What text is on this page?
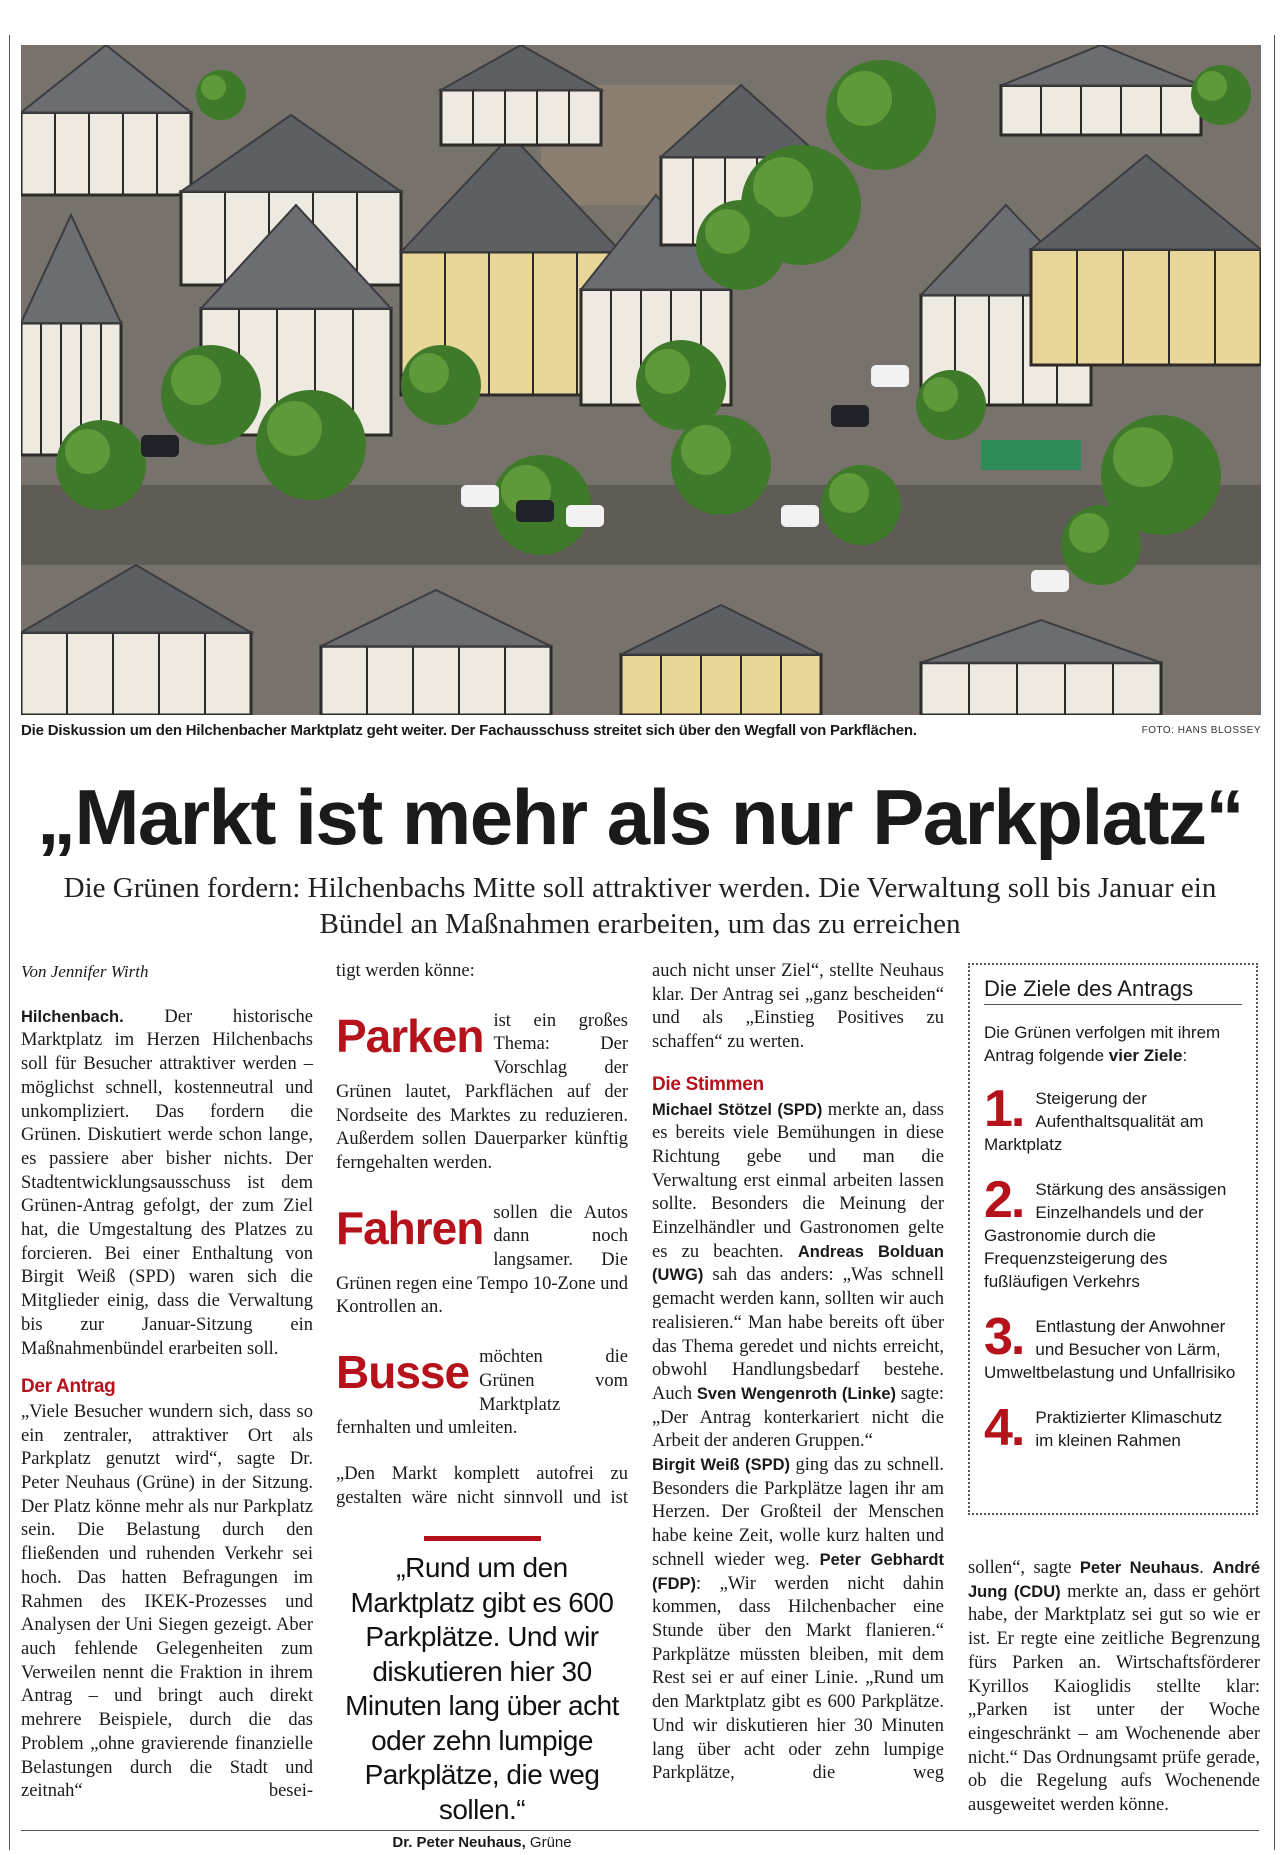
Die Diskussion um den Hilchenbacher Marktplatz geht weiter. Der Fachausschuss streitet sich über den Wegfall von Parkflächen.	FOTO: HANS BLOSSEY
„Markt ist mehr als nur Parkplatz“

Die Grünen fordern: Hilchenbachs Mitte soll attraktiver werden. Die Verwaltung soll bis Januar ein Bündel an Maßnahmen erarbeiten, um das zu erreichen

Von Jennifer Wirth

Hilchenbach. Der historische Marktplatz im Herzen Hilchenbachs soll für Besucher attraktiver werden – möglichst schnell, kostenneutral und unkompliziert. Das fordern die Grünen. Diskutiert werde schon lange, es passiere aber bisher nichts. Der Stadtentwicklungsausschuss ist dem Grünen-Antrag gefolgt, der zum Ziel hat, die Umgestaltung des Platzes zu forcieren. Bei einer Enthaltung von Birgit Weiß (SPD) waren sich die Mitglieder einig, dass die Verwaltung bis zur Januar-Sitzung ein Maßnahmenbündel erarbeiten soll.

Der Antrag

„Viele Besucher wundern sich, dass so ein zentraler, attraktiver Ort als Parkplatz genutzt wird“, sagte Dr. Peter Neuhaus (Grüne) in der Sitzung. Der Platz könne mehr als nur Parkplatz sein. Die Belastung durch den fließenden und ruhenden Verkehr sei hoch. Das hatten Befragungen im Rahmen des IKEK-Prozesses und Analysen der Uni Siegen gezeigt. Aber auch fehlende Gelegenheiten zum Verweilen nennt die Fraktion in ihrem Antrag – und bringt auch direkt mehrere Beispiele, durch die das Problem „ohne gravierende finanzielle Belastungen durch die Stadt und zeitnah“ besei-

tigt werden könne:

Parken ist ein großes Thema: Der Vorschlag der Grünen lautet, Parkflächen auf der Nordseite des Marktes zu reduzieren. Außerdem sollen Dauerparker künftig ferngehalten werden.

Fahren sollen die Autos dann noch langsamer. Die Grünen regen eine Tempo 10-Zone und Kontrollen an.

Busse möchten die Grünen vom Marktplatz fernhalten und umleiten.

„Den Markt komplett autofrei zu gestalten wäre nicht sinnvoll und ist

„Rund um den Marktplatz gibt es 600 Parkplätze. Und wir diskutieren hier 30 Minuten lang über acht oder zehn lumpige Parkplätze, die weg sollen.“
Dr. Peter Neuhaus, Grüne

auch nicht unser Ziel“, stellte Neuhaus klar. Der Antrag sei „ganz bescheiden“ und als „Einstieg Positives zu schaffen“ zu werten.

Die Stimmen

Michael Stötzel (SPD) merkte an, dass es bereits viele Bemühungen in diese Richtung gebe und man die Verwaltung erst einmal arbeiten lassen sollte. Besonders die Meinung der Einzelhändler und Gastronomen gelte es zu beachten. Andreas Bolduan (UWG) sah das anders: „Was schnell gemacht werden kann, sollten wir auch realisieren.“ Man habe bereits oft über das Thema geredet und nichts erreicht, obwohl Handlungsbedarf bestehe. Auch Sven Wengenroth (Linke) sagte: „Der Antrag konterkariert nicht die Arbeit der anderen Gruppen.“

Birgit Weiß (SPD) ging das zu schnell. Besonders die Parkplätze lagen ihr am Herzen. Der Großteil der Menschen habe keine Zeit, wolle kurz halten und schnell wieder weg. Peter Gebhardt (FDP): „Wir werden nicht dahin kommen, dass Hilchenbacher eine Stunde über den Markt flanieren.“ Parkplätze müssten bleiben, mit dem Rest sei er auf einer Linie. „Rund um den Marktplatz gibt es 600 Parkplätze. Und wir diskutieren hier 30 Minuten lang über acht oder zehn lumpige Parkplätze, die weg

Die Ziele des Antrags

Die Grünen verfolgen mit ihrem Antrag folgende vier Ziele:

1. Steigerung der Aufenthaltsqualität am Marktplatz
2. Stärkung des ansässigen Einzelhandels und der Gastronomie durch die Frequenzsteigerung des fußläufigen Verkehrs
3. Entlastung der Anwohner und Besucher von Lärm, Umweltbelastung und Unfallrisiko
4. Praktizierter Klimaschutz im kleinen Rahmen

sollen“, sagte Peter Neuhaus. André Jung (CDU) merkte an, dass er gehört habe, der Marktplatz sei gut so wie er ist. Er regte eine zeitliche Begrenzung fürs Parken an. Wirtschaftsförderer Kyrillos Kaioglidis stellte klar: „Parken ist unter der Woche eingeschränkt – am Wochenende aber nicht.“ Das Ordnungsamt prüfe gerade, ob die Regelung aufs Wochenende ausgeweitet werden könne.
